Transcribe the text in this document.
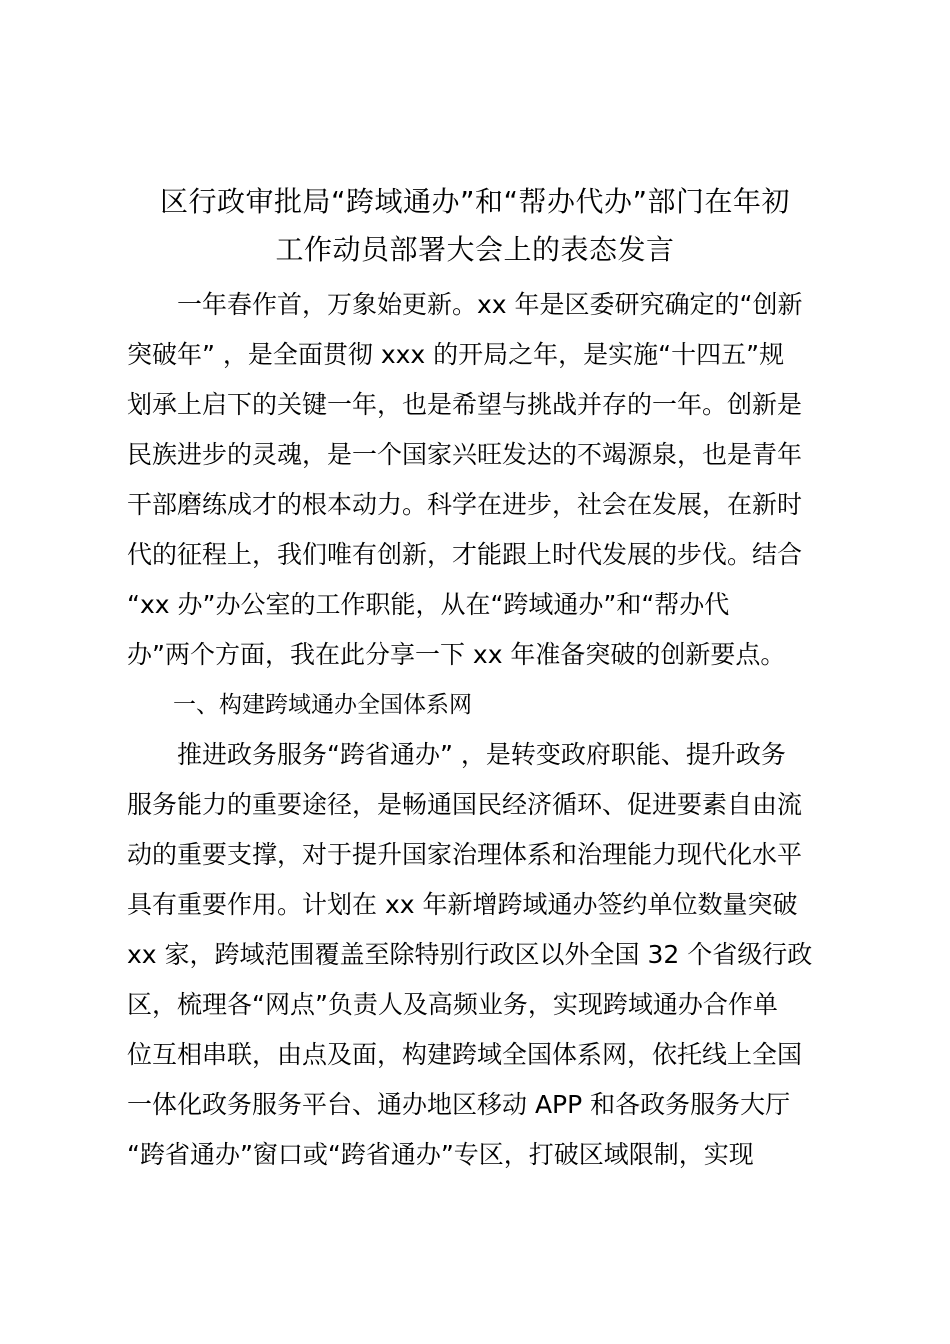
区行政审批局“跨域通办”和“帮办代办”部门在年初
工作动员部署大会上的表态发言
　　一年春作首，万象始更新。xx 年是区委研究确定的“创新
突破年” ，是全面贯彻 xxx 的开局之年，是实施“十四五”规
划承上启下的关键一年，也是希望与挑战并存的一年。创新是
民族进步的灵魂，是一个国家兴旺发达的不竭源泉，也是青年
干部磨练成才的根本动力。科学在进步，社会在发展，在新时
代的征程上，我们唯有创新，才能跟上时代发展的步伐。结合
“xx 办”办公室的工作职能，从在“跨域通办”和“帮办代
办”两个方面，我在此分享一下 xx 年准备突破的创新要点。
　　一、构建跨域通办全国体系网
　　推进政务服务“跨省通办” ，是转变政府职能、提升政务
服务能力的重要途径，是畅通国民经济循环、促进要素自由流
动的重要支撑，对于提升国家治理体系和治理能力现代化水平
具有重要作用。计划在 xx 年新增跨域通办签约单位数量突破
xx 家，跨域范围覆盖至除特别行政区以外全国 32 个省级行政
区，梳理各“网点”负责人及高频业务，实现跨域通办合作单
位互相串联，由点及面，构建跨域全国体系网，依托线上全国
一体化政务服务平台、通办地区移动 APP 和各政务服务大厅
“跨省通办”窗口或“跨省通办”专区，打破区域限制，实现
